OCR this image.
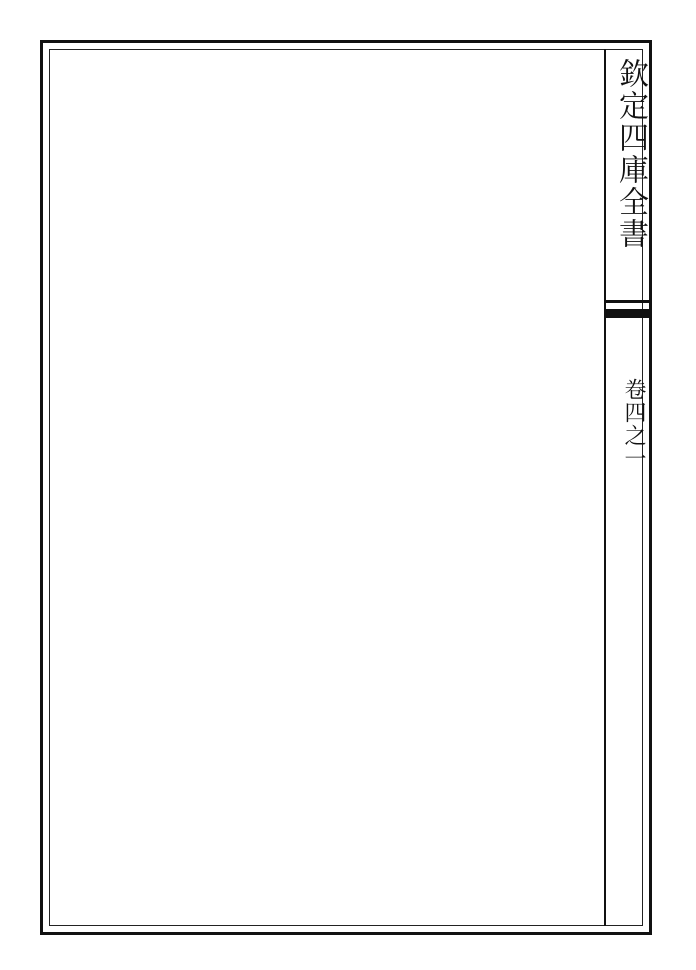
欽定四庫全書
卷四之一
